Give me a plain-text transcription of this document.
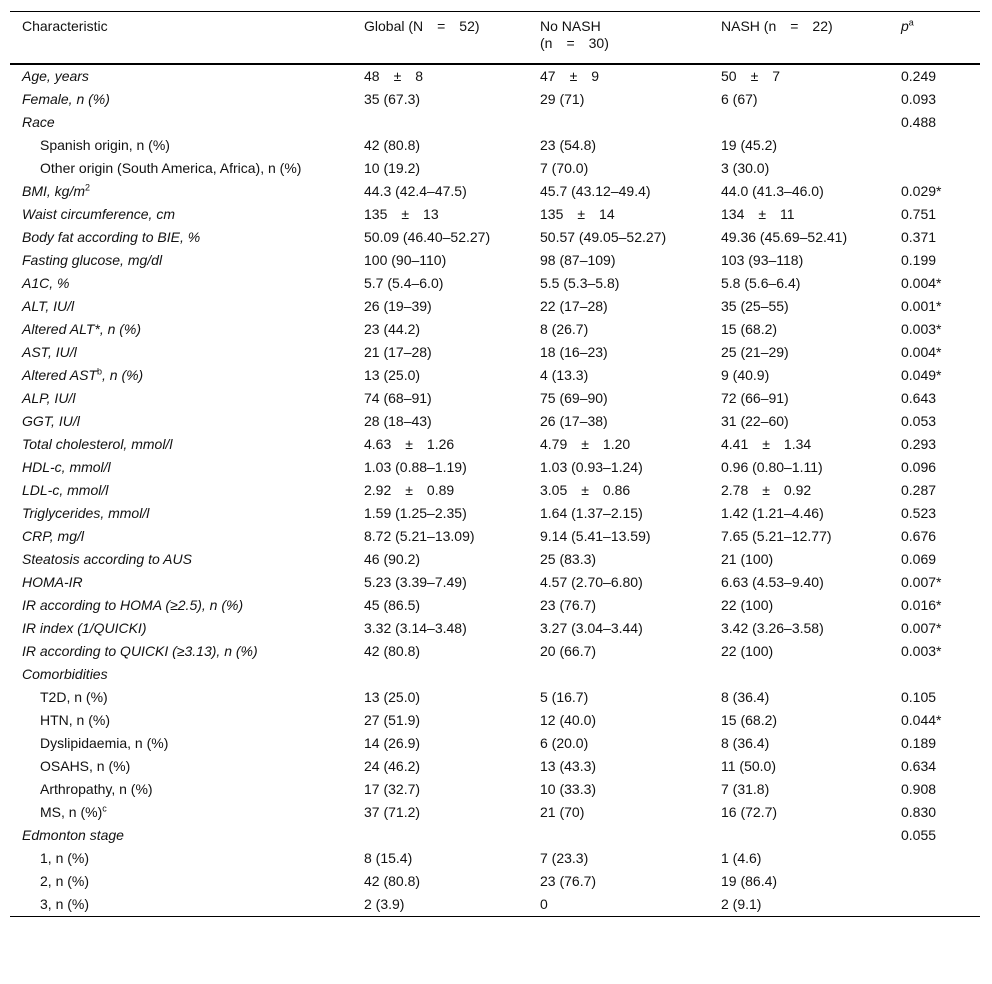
Characteristic	Global (N = 52)	No NASH
(n = 30)	NASH (n = 22)	$p^a$
Age, years	48 ± 8	47 ± 9	50 ± 7	0.249
Female, n (%)	35 (67.3)	29 (71)	6 (67)	0.093
Race				0.488
Spanish origin, n (%)	42 (80.8)	23 (54.8)	19 (45.2)	
Other origin (South America, Africa), n (%)	10 (19.2)	7 (70.0)	3 (30.0)	
BMI, $kg/m^2$	44.3 (42.4–47.5)	45.7 (43.12–49.4)	44.0 (41.3–46.0)	0.029*
Waist circumference, cm	135 ± 13	135 ± 14	134 ± 11	0.751
Body fat according to BIE, %	50.09 (46.40–52.27)	50.57 (49.05–52.27)	49.36 (45.69–52.41)	0.371
Fasting glucose, mg/dl	100 (90–110)	98 (87–109)	103 (93–118)	0.199
A1C, %	5.7 (5.4–6.0)	5.5 (5.3–5.8)	5.8 (5.6–6.4)	0.004*
ALT, IU/l	26 (19–39)	22 (17–28)	35 (25–55)	0.001*
Altered ALT*, n (%)	23 (44.2)	8 (26.7)	15 (68.2)	0.003*
AST, IU/l	21 (17–28)	18 (16–23)	25 (21–29)	0.004*
Altered AST$^b$, n (%)	13 (25.0)	4 (13.3)	9 (40.9)	0.049*
ALP, IU/l	74 (68–91)	75 (69–90)	72 (66–91)	0.643
GGT, IU/l	28 (18–43)	26 (17–38)	31 (22–60)	0.053
Total cholesterol, mmol/l	4.63 ± 1.26	4.79 ± 1.20	4.41 ± 1.34	0.293
HDL-c, mmol/l	1.03 (0.88–1.19)	1.03 (0.93–1.24)	0.96 (0.80–1.11)	0.096
LDL-c, mmol/l	2.92 ± 0.89	3.05 ± 0.86	2.78 ± 0.92	0.287
Triglycerides, mmol/l	1.59 (1.25–2.35)	1.64 (1.37–2.15)	1.42 (1.21–4.46)	0.523
CRP, mg/l	8.72 (5.21–13.09)	9.14 (5.41–13.59)	7.65 (5.21–12.77)	0.676
Steatosis according to AUS	46 (90.2)	25 (83.3)	21 (100)	0.069
HOMA-IR	5.23 (3.39–7.49)	4.57 (2.70–6.80)	6.63 (4.53–9.40)	0.007*
IR according to HOMA (≥2.5), n (%)	45 (86.5)	23 (76.7)	22 (100)	0.016*
IR index (1/QUICKI)	3.32 (3.14–3.48)	3.27 (3.04–3.44)	3.42 (3.26–3.58)	0.007*
IR according to QUICKI (≥3.13), n (%)	42 (80.8)	20 (66.7)	22 (100)	0.003*
Comorbidities				
T2D, n (%)	13 (25.0)	5 (16.7)	8 (36.4)	0.105
HTN, n (%)	27 (51.9)	12 (40.0)	15 (68.2)	0.044*
Dyslipidaemia, n (%)	14 (26.9)	6 (20.0)	8 (36.4)	0.189
OSAHS, n (%)	24 (46.2)	13 (43.3)	11 (50.0)	0.634
Arthropathy, n (%)	17 (32.7)	10 (33.3)	7 (31.8)	0.908
MS, n (%)$^c$	37 (71.2)	21 (70)	16 (72.7)	0.830
Edmonton stage				0.055
1, n (%)	8 (15.4)	7 (23.3)	1 (4.6)	
2, n (%)	42 (80.8)	23 (76.7)	19 (86.4)	
3, n (%)	2 (3.9)	0	2 (9.1)	
